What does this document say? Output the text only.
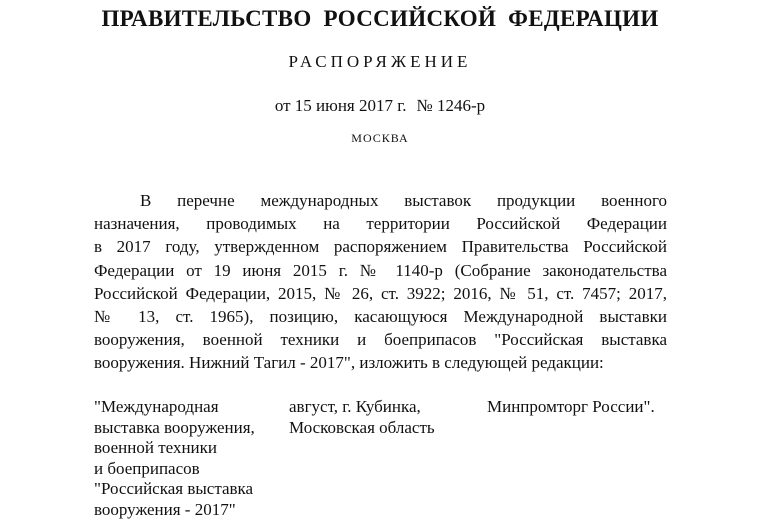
ПРАВИТЕЛЬСТВО РОССИЙСКОЙ ФЕДЕРАЦИИ
РАСПОРЯЖЕНИЕ
от 15 июня 2017 г. № 1246-р
МОСКВА
В перечне международных выставок продукции военного
назначения, проводимых на территории Российской Федерации
в 2017 году, утвержденном распоряжением Правительства Российской
Федерации от 19 июня 2015 г. № 1140-р (Собрание законодательства
Российской Федерации, 2015, № 26, ст. 3922; 2016, № 51, ст. 7457; 2017,
№ 13, ст. 1965), позицию, касающуюся Международной выставки
вооружения, военной техники и боеприпасов "Российская выставка
вооружения. Нижний Тагил - 2017", изложить в следующей редакции:
"Международная
выставка вооружения,
военной техники
и боеприпасов
"Российская выставка
вооружения - 2017"
август, г. Кубинка,
Московская область
Минпромторг России".
